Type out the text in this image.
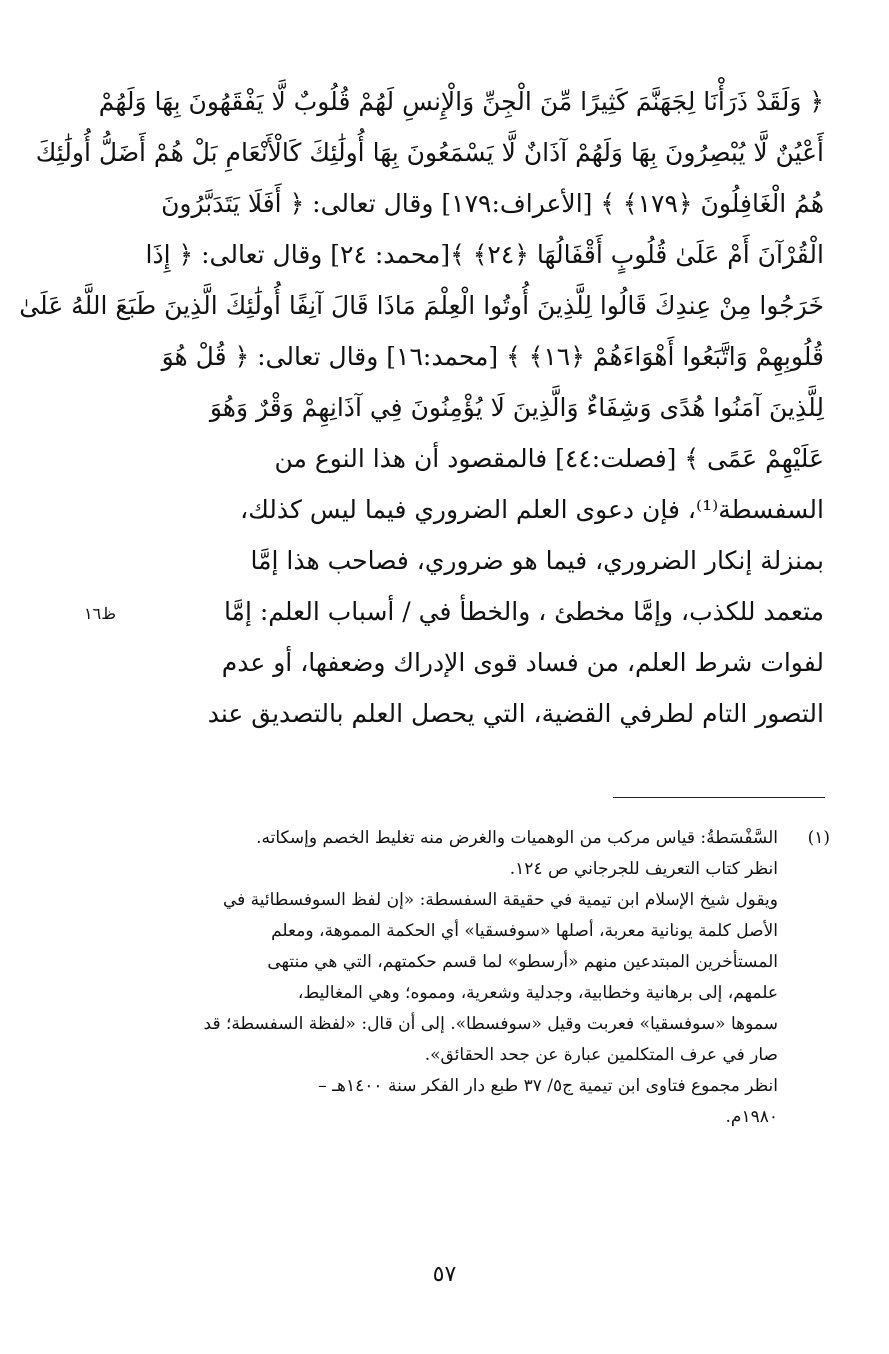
﴿ وَلَقَدْ ذَرَأْنَا لِجَهَنَّمَ كَثِيرًا مِّنَ الْجِنِّ وَالْإِنسِ لَهُمْ قُلُوبٌ لَّا يَفْقَهُونَ بِهَا وَلَهُمْ
أَعْيُنٌ لَّا يُبْصِرُونَ بِهَا وَلَهُمْ آذَانٌ لَّا يَسْمَعُونَ بِهَا أُولَٰئِكَ كَالْأَنْعَامِ بَلْ هُمْ أَضَلُّ أُولَٰئِكَ
هُمُ الْغَافِلُونَ ﴿١٧٩﴾ ﴾ [الأعراف:١٧٩] وقال تعالى: ﴿ أَفَلَا يَتَدَبَّرُونَ
الْقُرْآنَ أَمْ عَلَىٰ قُلُوبٍ أَقْفَالُهَا ﴿٢٤﴾ ﴾[محمد: ٢٤] وقال تعالى: ﴿ إِذَا
خَرَجُوا مِنْ عِندِكَ قَالُوا لِلَّذِينَ أُوتُوا الْعِلْمَ مَاذَا قَالَ آنِفًا أُولَٰئِكَ الَّذِينَ طَبَعَ اللَّهُ عَلَىٰ
قُلُوبِهِمْ وَاتَّبَعُوا أَهْوَاءَهُمْ ﴿١٦﴾ ﴾ [محمد:١٦] وقال تعالى: ﴿ قُلْ هُوَ
لِلَّذِينَ آمَنُوا هُدًى وَشِفَاءٌ وَالَّذِينَ لَا يُؤْمِنُونَ فِي آذَانِهِمْ وَقْرٌ وَهُوَ
عَلَيْهِمْ عَمًى ﴾ [فصلت:٤٤] فالمقصود أن هذا النوع من
السفسطة⁽¹⁾، فإن دعوى العلم الضروري فيما ليس كذلك،
بمنزلة إنكار الضروري، فيما هو ضروري، فصاحب هذا إمَّا
متعمد للكذب، وإمَّا مخطئ ، والخطأ في / أسباب العلم: إمَّا
لفوات شرط العلم، من فساد قوى الإدراك وضعفها، أو عدم
التصور التام لطرفي القضية، التي يحصل العلم بالتصديق عند
ظ١٦
(١)السَّفْسَطةُ: قياس مركب من الوهميات والغرض منه تغليط الخصم وإسكاته.
انظر كتاب التعريف للجرجاني ص ١٢٤.
ويقول شيخ الإسلام ابن تيمية في حقيقة السفسطة: «إن لفظ السوفسطائية في
الأصل كلمة يونانية معربة، أصلها «سوفسقيا» أي الحكمة المموهة، ومعلم
المستأخرين المبتدعين منهم «أرسطو» لما قسم حكمتهم، التي هي منتهى
علمهم، إلى برهانية وخطابية، وجدلية وشعرية، ومموه؛ وهي المغاليط،
سموها «سوفسقيا» فعربت وقيل «سوفسطا». إلى أن قال: «لفظة السفسطة؛ قد
صار في عرف المتكلمين عبارة عن جحد الحقائق».
انظر مجموع فتاوى ابن تيمية ج٥/ ٣٧ طبع دار الفكر سنة ١٤٠٠هـ –
١٩٨٠م.
٥٧
